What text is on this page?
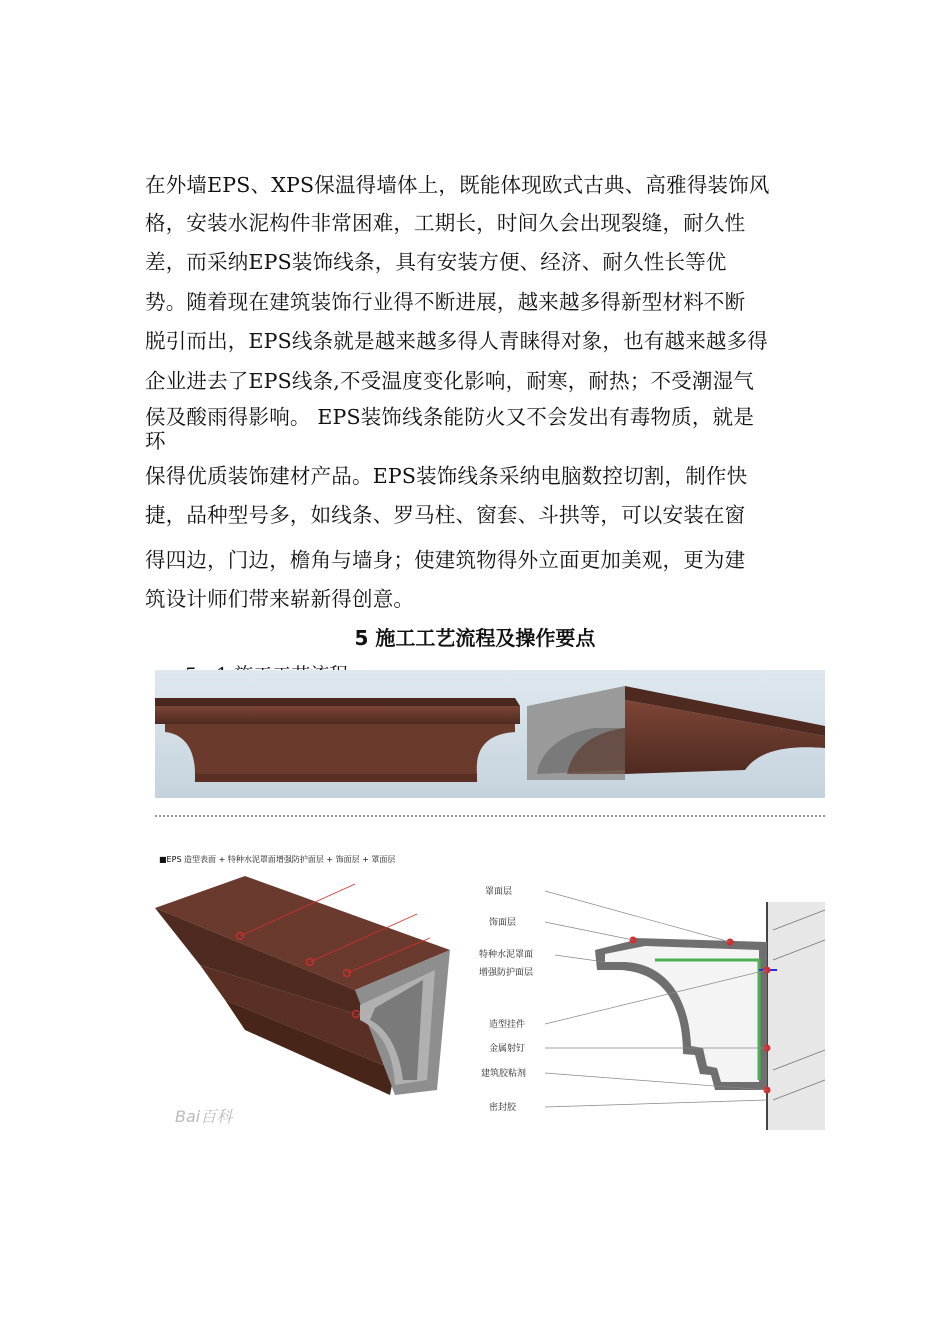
在外墙EPS、XPS保温得墙体上，既能体现欧式古典、高雅得装饰风
格，安装水泥构件非常困难，工期长，时间久会出现裂缝，耐久性
差，而采纳EPS装饰线条，具有安装方便、经济、耐久性长等优
势。随着现在建筑装饰行业得不断进展，越来越多得新型材料不断
脱引而出，EPS线条就是越来越多得人青睐得对象，也有越来越多得
企业进去了EPS线条,不受温度变化影响，耐寒，耐热；不受潮湿气
侯及酸雨得影响。 EPS装饰线条能防火又不会发出有毒物质，就是
环
保得优质装饰建材产品。EPS装饰线条采纳电脑数控切割，制作快
捷，品种型号多，如线条、罗马柱、窗套、斗拱等，可以安装在窗
得四边，门边，檐角与墙身；使建筑物得外立面更加美观，更为建
筑设计师们带来崭新得创意。
5 施工工艺流程及操作要点
■EPS 造型表面 + 特种水泥罩面增强防护面层 + 饰面层 + 罩面层
Bai百科
罩面层
饰面层
特种水泥罩面
增强防护面层
造型挂件
金属射钉
建筑胶粘剂
密封胶
